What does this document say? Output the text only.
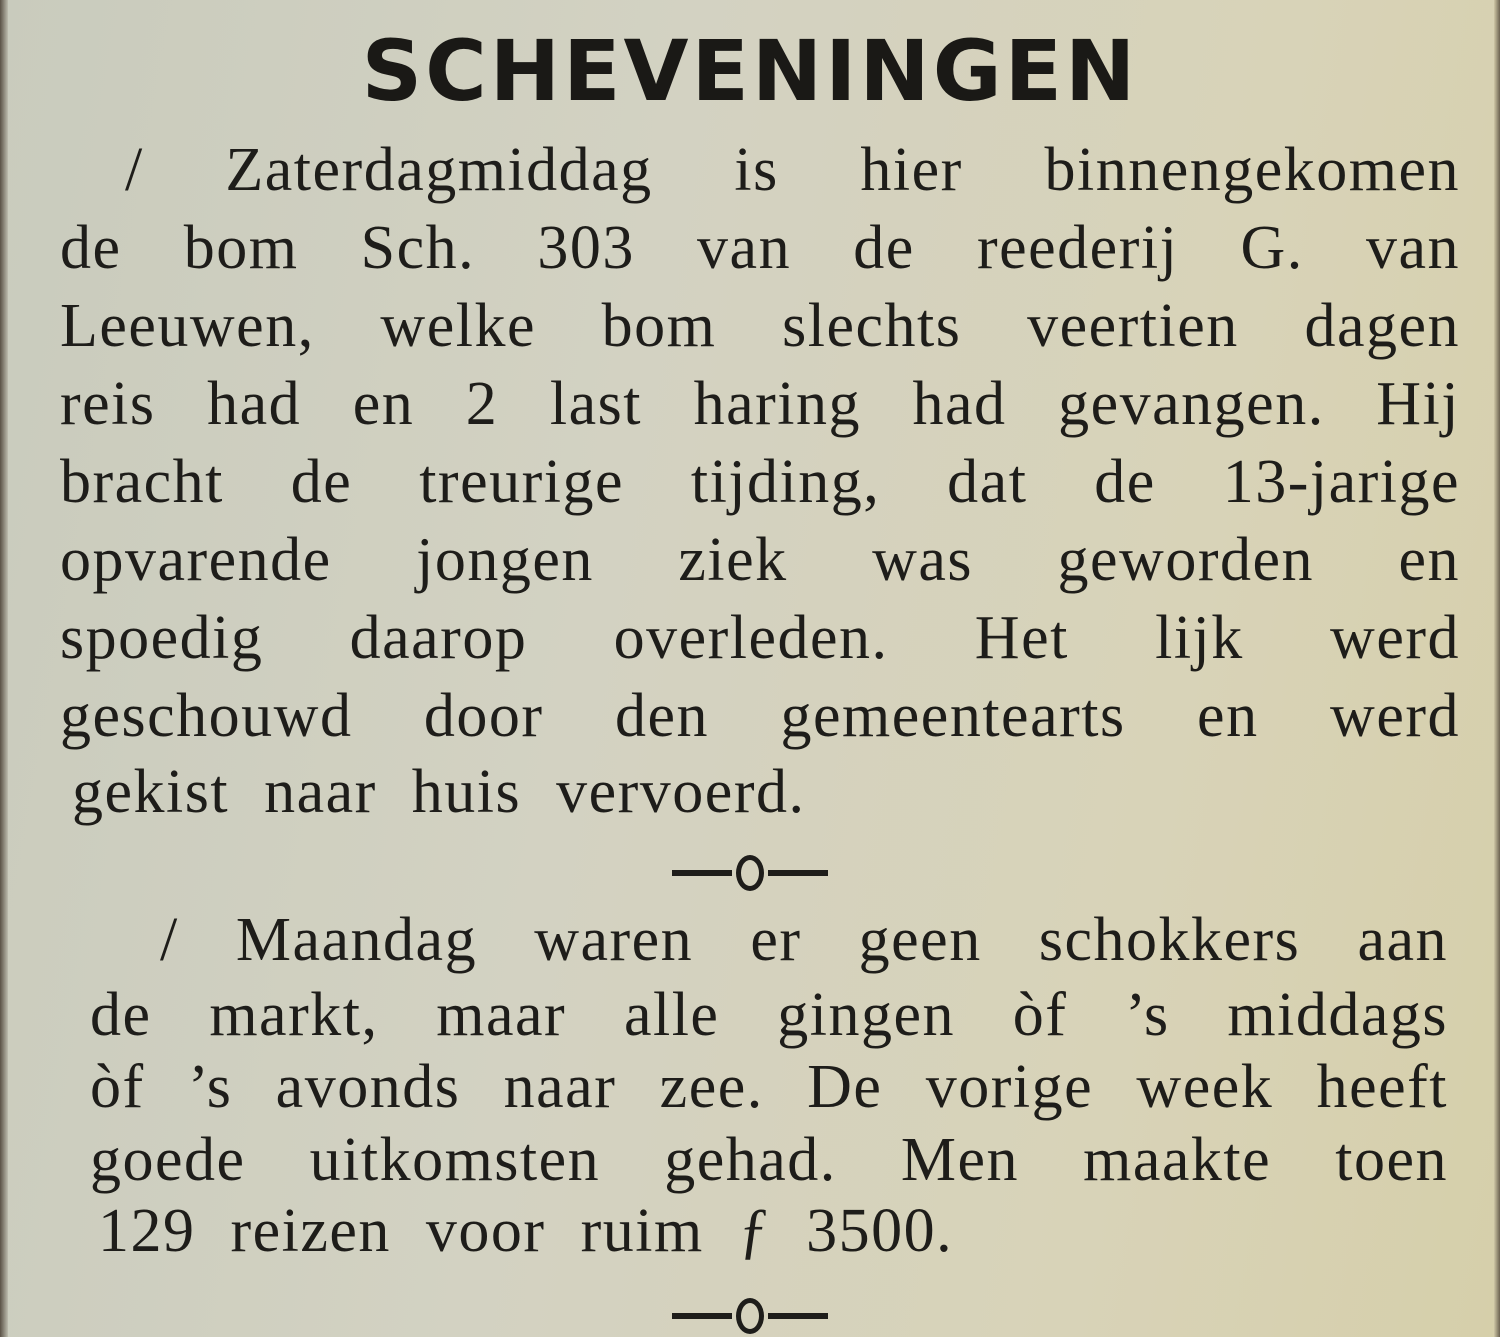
SCHEVENINGEN
/ Zaterdagmiddag is hier binnengekomen
de bom Sch. 303 van de reederij G. van
Leeuwen, welke bom slechts veertien dagen
reis had en 2 last haring had gevangen. Hij
bracht de treurige tijding, dat de 13-jarige
opvarende jongen ziek was geworden en
spoedig daarop overleden. Het lijk werd
geschouwd door den gemeentearts en werd
gekist naar huis vervoerd.
/ Maandag waren er geen schokkers aan
de markt, maar alle gingen òf ’s middags
òf ’s avonds naar zee. De vorige week heeft
goede uitkomsten gehad. Men maakte toen
129 reizen voor ruim ƒ 3500.
